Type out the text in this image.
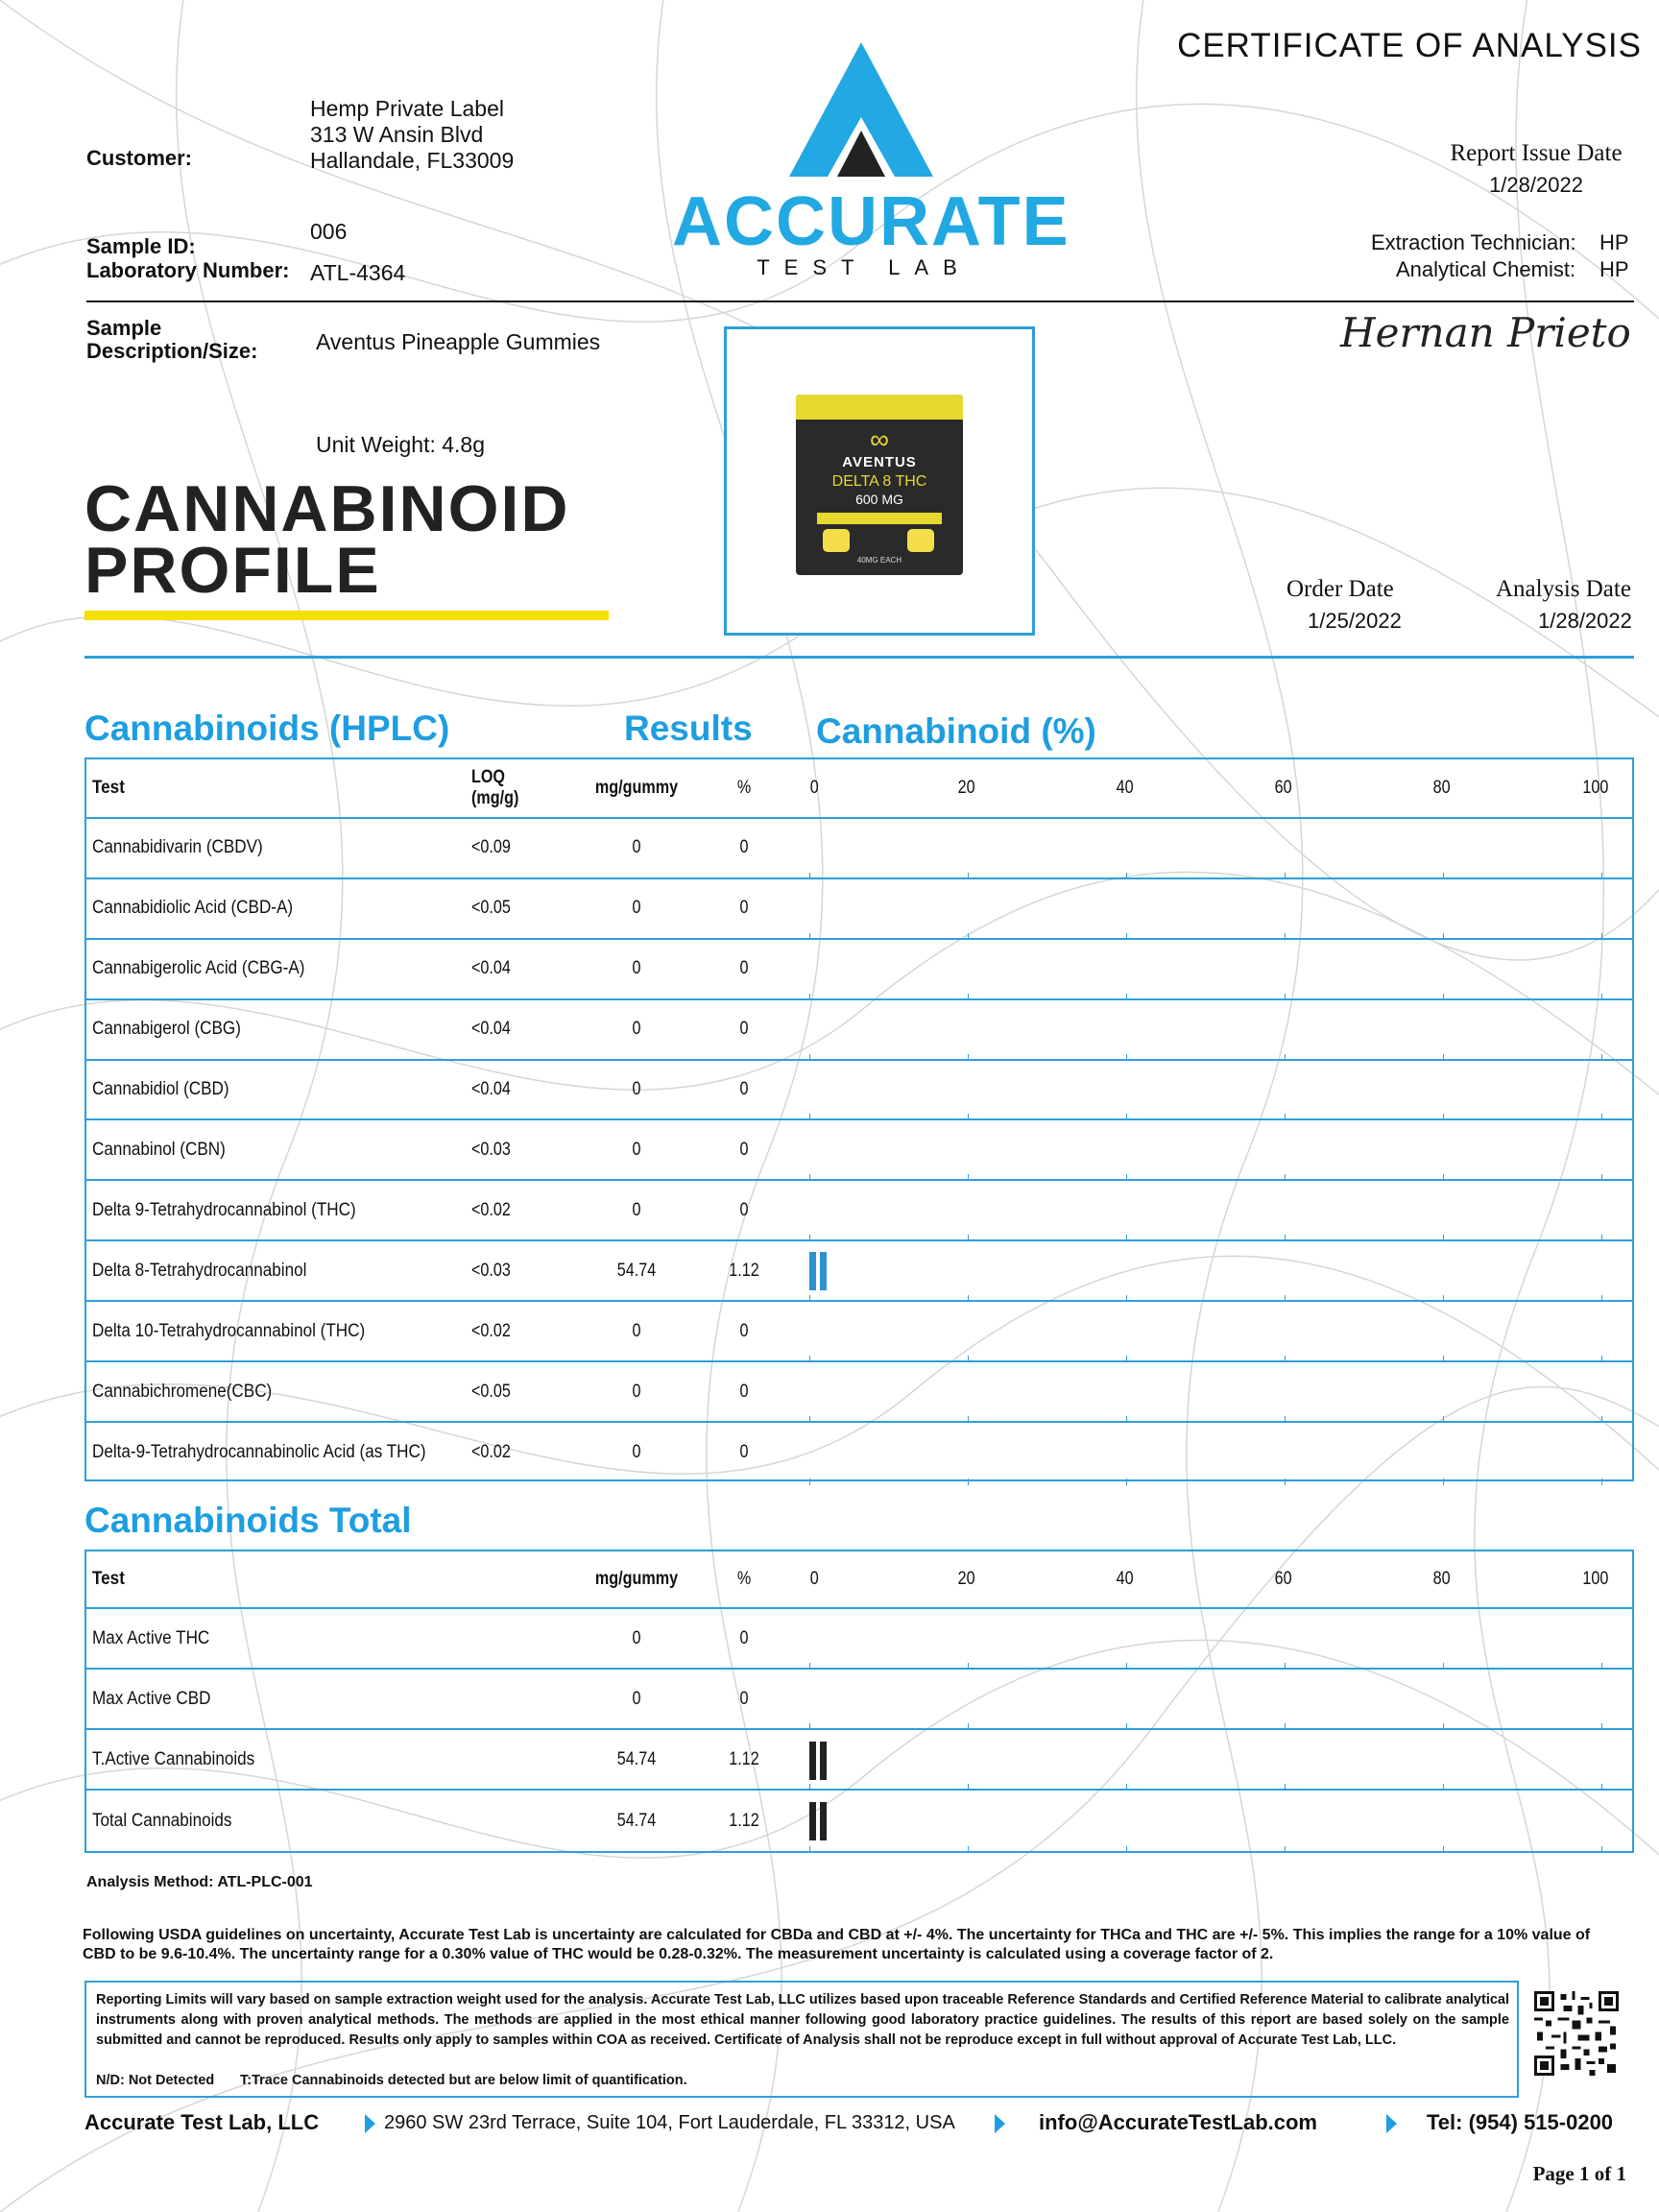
CERTIFICATE OF ANALYSIS
Customer:
Hemp Private Label
313 W Ansin Blvd
Hallandale, FL33009
Sample ID:
Laboratory Number:
006
ATL-4364
ACCURATE
TEST LAB
Report Issue Date
1/28/2022
Extraction Technician: HP
Analytical Chemist: HP
Sample
Description/Size:	Aventus Pineapple Gummies
Unit Weight: 4.8g
Hernan Prieto
CANNABINOID
PROFILE
∞
AVENTUS
DELTA 8 THC
600 MG
40MG EACH
Order Date
1/25/2022
Analysis Date
1/28/2022
Cannabinoids (HPLC)	Results Cannabinoid (%)
Test
LOQ (mg/g)
mg/gummy	%	0	20	40	60	80	100
Cannabidivarin (CBDV)	<0.09	0	0
Cannabidiolic Acid (CBD-A)	<0.05	0	0
Cannabigerolic Acid (CBG-A)	<0.04	0	0
Cannabigerol (CBG)	<0.04	0	0
Cannabidiol (CBD)	<0.04	0	0
Cannabinol (CBN)	<0.03	0	0
Delta 9-Tetrahydrocannabinol (THC)	<0.02	0	0
Delta 8-Tetrahydrocannabinol	<0.03	54.74	1.12
Delta 10-Tetrahydrocannabinol (THC)	<0.02	0	0
Cannabichromene(CBC)	<0.05	0	0
Delta-9-Tetrahydrocannabinolic Acid (as THC) <0.02	0	0
Cannabinoids Total
Test	mg/gummy	%	0	20	40	60	80	100
Max Active THC	0	0
Max Active CBD	0	0
T.Active Cannabinoids	54.74	1.12
Total Cannabinoids	54.74	1.12
Analysis Method: ATL-PLC-001
Following USDA guidelines on uncertainty, Accurate Test Lab is uncertainty are calculated for CBDa and CBD at +/- 4%. The uncertainty for THCa and THC are +/- 5%. This implies the range for a 10% value of CBD to be 9.6-10.4%. The uncertainty range for a 0.30% value of THC would be 0.28-0.32%. The measurement uncertainty is calculated using a coverage factor of 2.
Reporting Limits will vary based on sample extraction weight used for the analysis. Accurate Test Lab, LLC utilizes based upon traceable Reference Standards and Certified Reference Material to calibrate analytical instruments along with proven analytical methods. The methods are applied in the most ethical manner following good laboratory practice guidelines. The results of this report are based solely on the sample submitted and cannot be reproduced. Results only apply to samples within COA as received. Certificate of Analysis shall not be reproduce except in full without approval of Accurate Test Lab, LLC.
N/D: Not Detected T:Trace Cannabinoids detected but are below limit of quantification.
Accurate Test Lab, LLC	2960 SW 23rd Terrace, Suite 104, Fort Lauderdale, FL 33312, USA	info@AccurateTestLab.com	Tel: (954) 515-0200
Page 1 of 1
